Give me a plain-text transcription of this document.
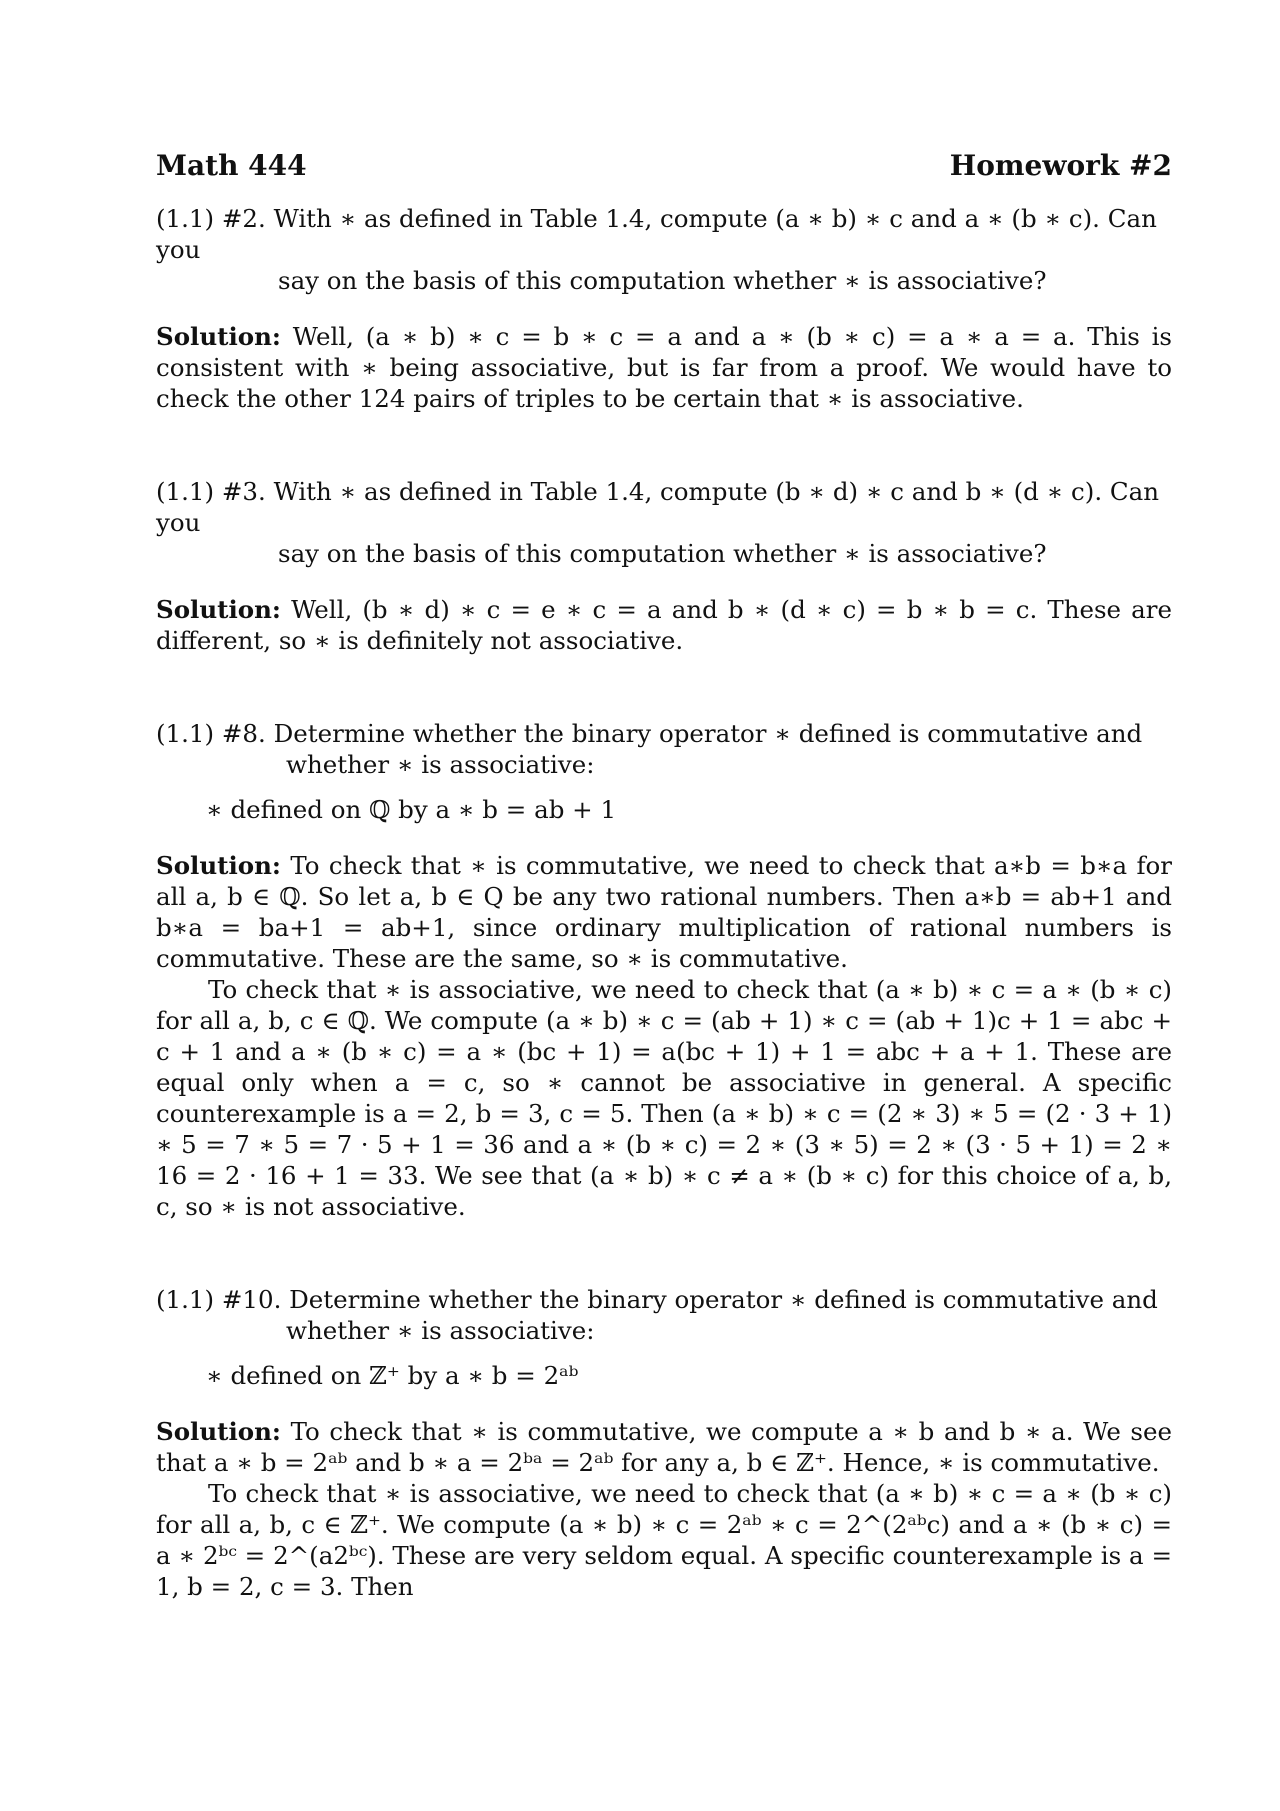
Math 444	Homework #2
(1.1) #2. With ∗ as defined in Table 1.4, compute (a ∗ b) ∗ c and a ∗ (b ∗ c). Can you
say on the basis of this computation whether ∗ is associative?

Solution: Well, (a ∗ b) ∗ c = b ∗ c = a and a ∗ (b ∗ c) = a ∗ a = a. This is consistent with ∗ being associative, but is far from a proof. We would have to check the other 124 pairs of triples to be certain that ∗ is associative.

(1.1) #3. With ∗ as defined in Table 1.4, compute (b ∗ d) ∗ c and b ∗ (d ∗ c). Can you
say on the basis of this computation whether ∗ is associative?

Solution: Well, (b ∗ d) ∗ c = e ∗ c = a and b ∗ (d ∗ c) = b ∗ b = c. These are different, so ∗ is definitely not associative.

(1.1) #8. Determine whether the binary operator ∗ defined is commutative and
whether ∗ is associative:
∗ defined on ℚ by a ∗ b = ab + 1

Solution: To check that ∗ is commutative, we need to check that a∗b = b∗a for all a, b ∈ ℚ. So let a, b ∈ Q be any two rational numbers. Then a∗b = ab+1 and b∗a = ba+1 = ab+1, since ordinary multiplication of rational numbers is commutative. These are the same, so ∗ is commutative.

To check that ∗ is associative, we need to check that (a ∗ b) ∗ c = a ∗ (b ∗ c) for all a, b, c ∈ ℚ. We compute (a ∗ b) ∗ c = (ab + 1) ∗ c = (ab + 1)c + 1 = abc + c + 1 and a ∗ (b ∗ c) = a ∗ (bc + 1) = a(bc + 1) + 1 = abc + a + 1. These are equal only when a = c, so ∗ cannot be associative in general. A specific counterexample is a = 2, b = 3, c = 5. Then (a ∗ b) ∗ c = (2 ∗ 3) ∗ 5 = (2 · 3 + 1) ∗ 5 = 7 ∗ 5 = 7 · 5 + 1 = 36 and a ∗ (b ∗ c) = 2 ∗ (3 ∗ 5) = 2 ∗ (3 · 5 + 1) = 2 ∗ 16 = 2 · 16 + 1 = 33. We see that (a ∗ b) ∗ c ≠ a ∗ (b ∗ c) for this choice of a, b, c, so ∗ is not associative.

(1.1) #10. Determine whether the binary operator ∗ defined is commutative and
whether ∗ is associative:
∗ defined on ℤ⁺ by a ∗ b = 2ᵃᵇ

Solution: To check that ∗ is commutative, we compute a ∗ b and b ∗ a. We see that a ∗ b = 2ᵃᵇ and b ∗ a = 2ᵇᵃ = 2ᵃᵇ for any a, b ∈ ℤ⁺. Hence, ∗ is commutative.

To check that ∗ is associative, we need to check that (a ∗ b) ∗ c = a ∗ (b ∗ c) for all a, b, c ∈ ℤ⁺. We compute (a ∗ b) ∗ c = 2ᵃᵇ ∗ c = 2^(2ᵃᵇc) and a ∗ (b ∗ c) = a ∗ 2ᵇᶜ = 2^(a2ᵇᶜ). These are very seldom equal. A specific counterexample is a = 1, b = 2, c = 3. Then
